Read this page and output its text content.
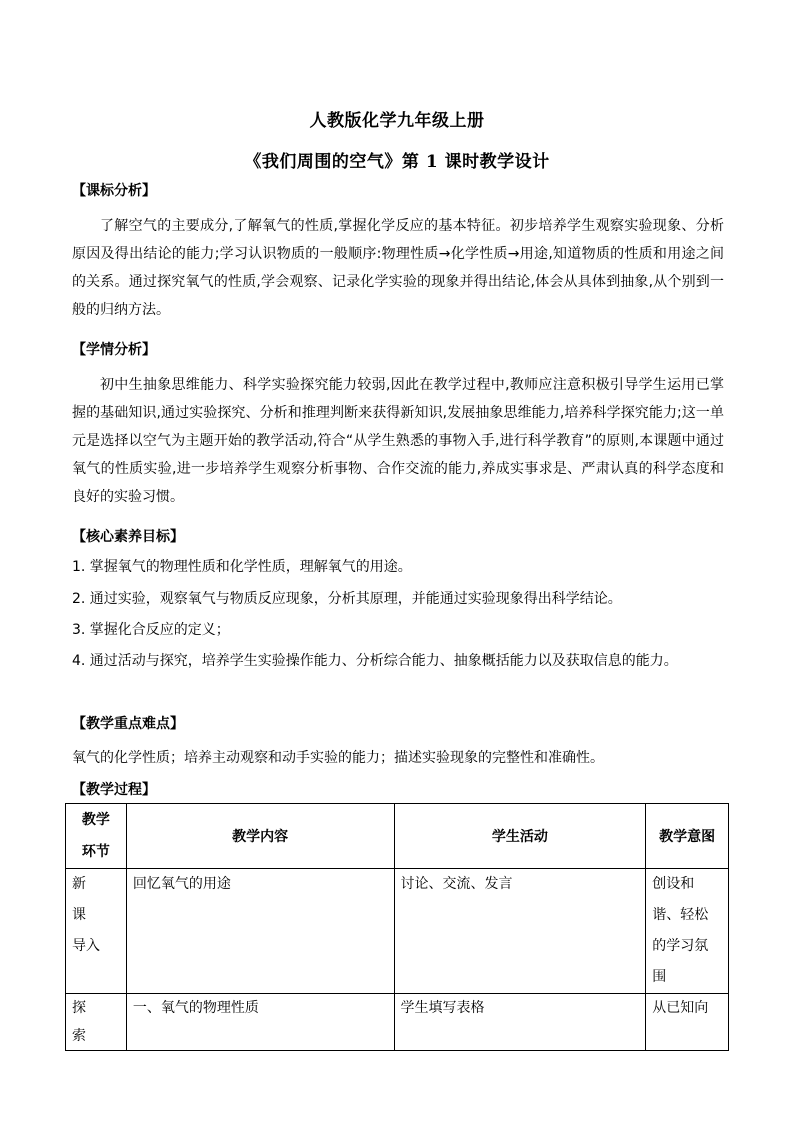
人教版化学九年级上册
《我们周围的空气》第 1 课时教学设计
【课标分析】
了解空气的主要成分,了解氧气的性质,掌握化学反应的基本特征。初步培养学生观察实验现象、分析原因及得出结论的能力;学习认识物质的一般顺序:物理性质→化学性质→用途,知道物质的性质和用途之间的关系。通过探究氧气的性质,学会观察、记录化学实验的现象并得出结论,体会从具体到抽象,从个别到一般的归纳方法。
【学情分析】
初中生抽象思维能力、科学实验探究能力较弱,因此在教学过程中,教师应注意积极引导学生运用已掌握的基础知识,通过实验探究、分析和推理判断来获得新知识,发展抽象思维能力,培养科学探究能力;这一单元是选择以空气为主题开始的教学活动,符合“从学生熟悉的事物入手,进行科学教育”的原则,本课题中通过氧气的性质实验,进一步培养学生观察分析事物、合作交流的能力,养成实事求是、严肃认真的科学态度和良好的实验习惯。
【核心素养目标】
1. 掌握氧气的物理性质和化学性质，理解氧气的用途。
2. 通过实验，观察氧气与物质反应现象，分析其原理，并能通过实验现象得出科学结论。
3. 掌握化合反应的定义；
4. 通过活动与探究，培养学生实验操作能力、分析综合能力、抽象概括能力以及获取信息的能力。
【教学重点难点】
氧气的化学性质；培养主动观察和动手实验的能力；描述实验现象的完整性和准确性。
【教学过程】
教学
环节	教学内容	学生活动	教学意图

新课
导入	回忆氧气的用途	讨论、交流、发言	创设和谐、轻松的学习氛围

探索	一、氧气的物理性质	学生填写表格	从已知向
